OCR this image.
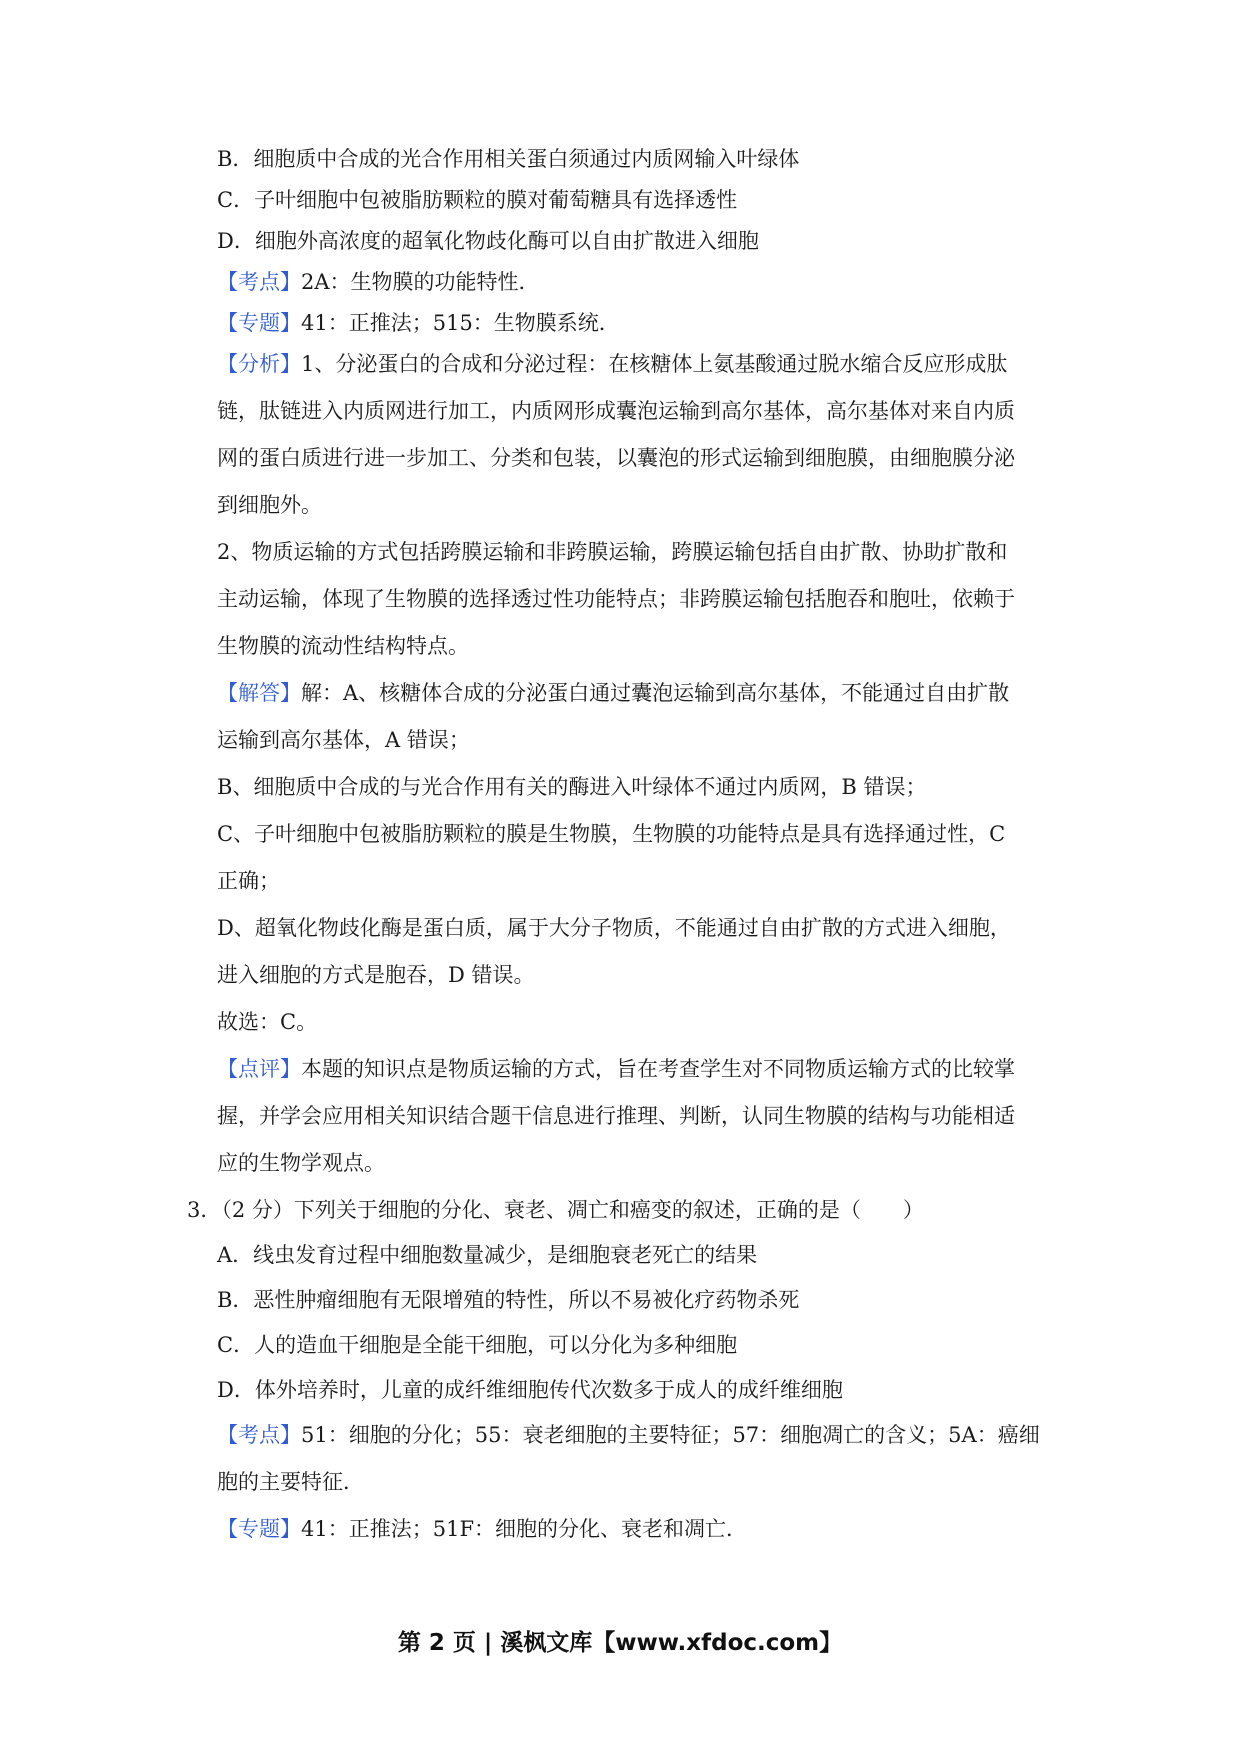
B．细胞质中合成的光合作用相关蛋白须通过内质网输入叶绿体
C．子叶细胞中包被脂肪颗粒的膜对葡萄糖具有选择透性
D．细胞外高浓度的超氧化物歧化酶可以自由扩散进入细胞
【考点】2A：生物膜的功能特性．
【专题】41：正推法；515：生物膜系统．
【分析】1、分泌蛋白的合成和分泌过程：在核糖体上氨基酸通过脱水缩合反应形成肽
链，肽链进入内质网进行加工，内质网形成囊泡运输到高尔基体，高尔基体对来自内质
网的蛋白质进行进一步加工、分类和包装，以囊泡的形式运输到细胞膜，由细胞膜分泌
到细胞外。
2、物质运输的方式包括跨膜运输和非跨膜运输，跨膜运输包括自由扩散、协助扩散和
主动运输，体现了生物膜的选择透过性功能特点；非跨膜运输包括胞吞和胞吐，依赖于
生物膜的流动性结构特点。
【解答】解：A、核糖体合成的分泌蛋白通过囊泡运输到高尔基体，不能通过自由扩散
运输到高尔基体，A 错误；
B、细胞质中合成的与光合作用有关的酶进入叶绿体不通过内质网，B 错误；
C、子叶细胞中包被脂肪颗粒的膜是生物膜，生物膜的功能特点是具有选择通过性，C
正确；
D、超氧化物歧化酶是蛋白质，属于大分子物质，不能通过自由扩散的方式进入细胞，
进入细胞的方式是胞吞，D 错误。
故选：C。
【点评】本题的知识点是物质运输的方式，旨在考查学生对不同物质运输方式的比较掌
握，并学会应用相关知识结合题干信息进行推理、判断，认同生物膜的结构与功能相适
应的生物学观点。
3．（2 分）下列关于细胞的分化、衰老、凋亡和癌变的叙述，正确的是（　　）
A．线虫发育过程中细胞数量减少，是细胞衰老死亡的结果
B．恶性肿瘤细胞有无限增殖的特性，所以不易被化疗药物杀死
C．人的造血干细胞是全能干细胞，可以分化为多种细胞
D．体外培养时，儿童的成纤维细胞传代次数多于成人的成纤维细胞
【考点】51：细胞的分化；55：衰老细胞的主要特征；57：细胞凋亡的含义；5A：癌细
胞的主要特征．
【专题】41：正推法；51F：细胞的分化、衰老和凋亡．
第 2 页 | 溪枫文库【www.xfdoc.com】
